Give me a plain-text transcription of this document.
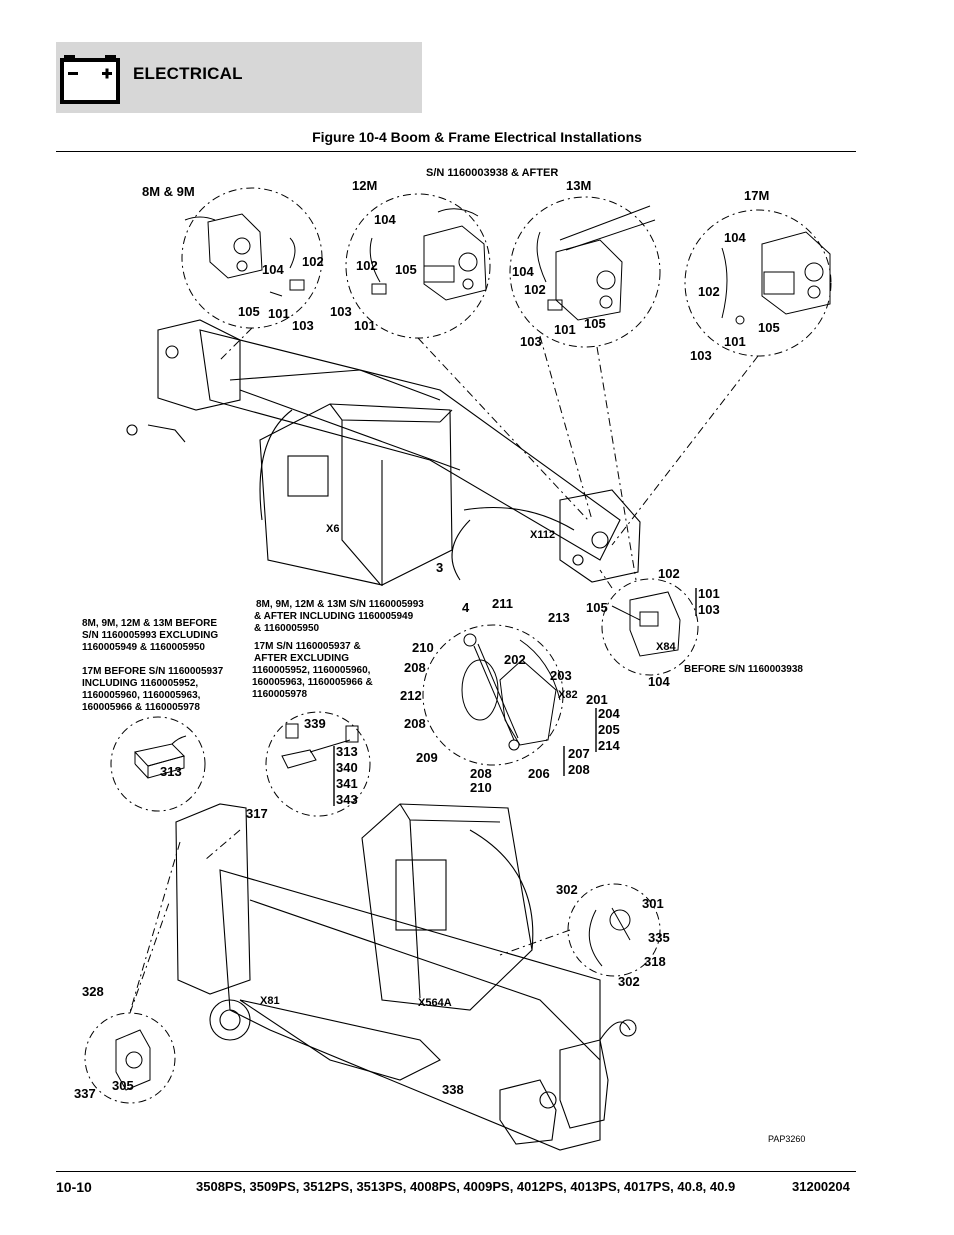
ELECTRICAL
Figure 10-4 Boom & Frame Electrical Installations
S/N 1160003938 & AFTER
8M & 9M	12M	13M
17M
104
102
105 101
103
104
102 105
103
101
104
102
101 105
103
104
102
105
101
103
X6	X112
3
4
102
101
103
105
X84
104
BEFORE S/N 1160003938
8M, 9M, 12M & 13M BEFORE S/N 1160005993 EXCLUDING 1160005949 & 1160005950
17M BEFORE S/N 1160005937 INCLUDING 1160005952, 1160005960, 1160005963, 160005966 & 1160005978
8M, 9M, 12M & 13M S/N 1160005993 & AFTER INCLUDING 1160005949 & 1160005950
17M S/N 1160005937 & AFTER EXCLUDING 1160005952, 1160005960, 160005963, 1160005966 & 1160005978
211
213
210
208
202
203
X82
212	201
204
205
214
208
209	207
208
208	206
210
313
339
313
340
341
343
317
302
301
335
318
302
328
X81	X564A
337
305	338
PAP3260
10-10	3508PS, 3509PS, 3512PS, 3513PS, 4008PS, 4009PS, 4012PS, 4013PS, 4017PS, 40.8, 40.9	31200204
